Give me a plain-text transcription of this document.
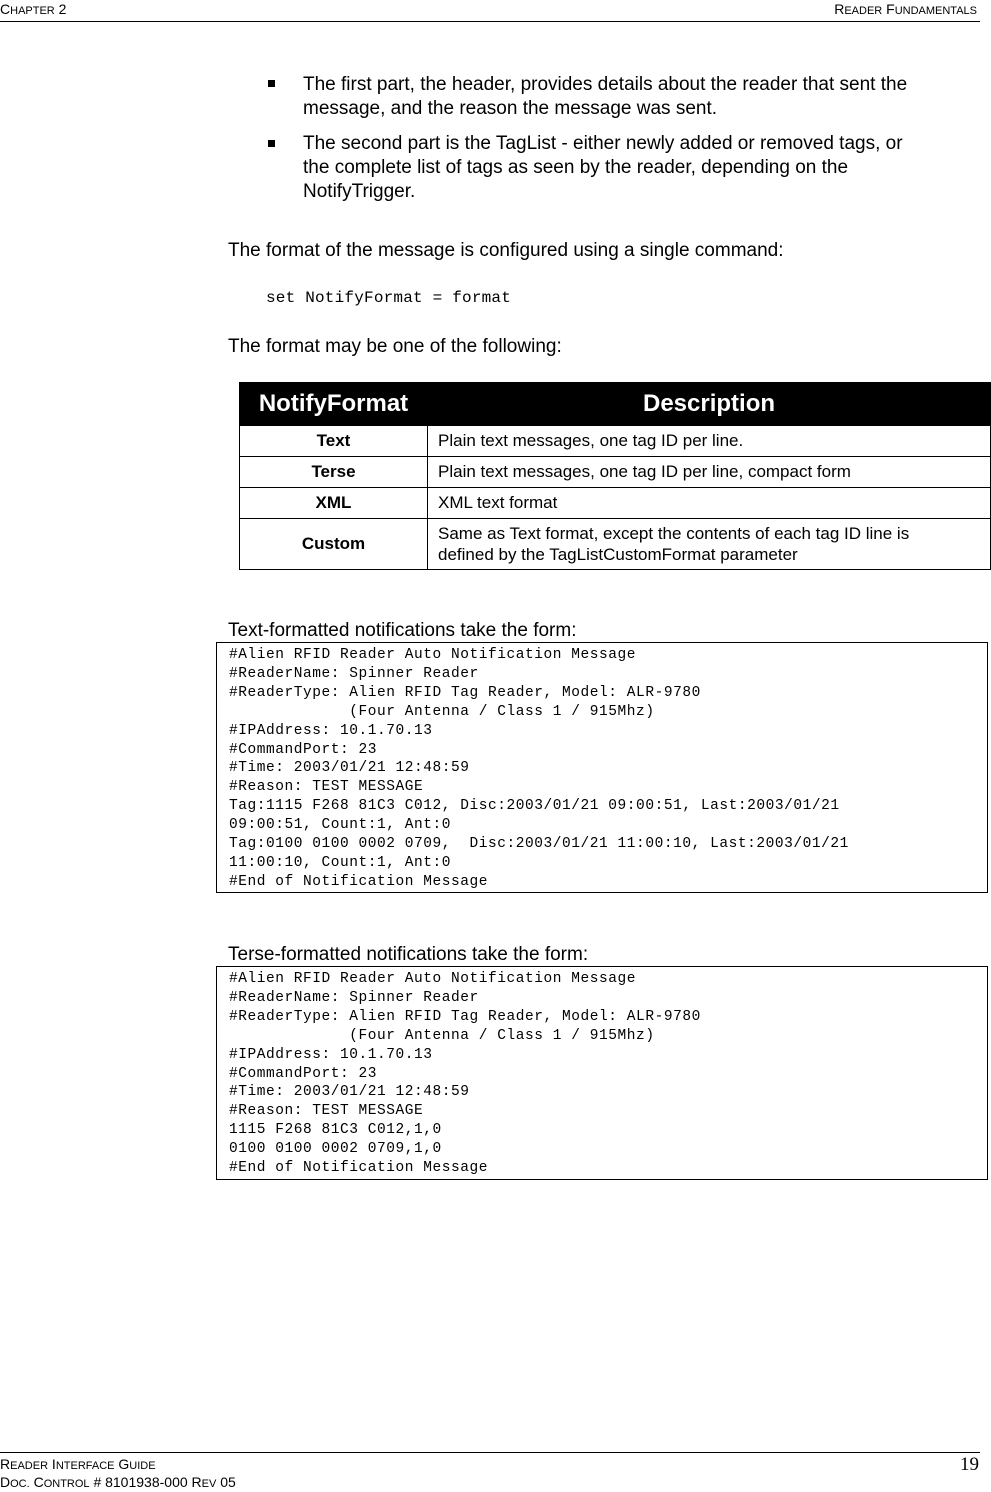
CHAPTER 2	READER FUNDAMENTALS
The first part, the header, provides details about the reader that sent the
message, and the reason the message was sent.
The second part is the TagList - either newly added or removed tags, or
the complete list of tags as seen by the reader, depending on the
NotifyTrigger.
The format of the message is configured using a single command:
set NotifyFormat = format
The format may be one of the following:
NotifyFormat	Description
Text	Plain text messages, one tag ID per line.
Terse	Plain text messages, one tag ID per line, compact form
XML	XML text format
Custom	Same as Text format, except the contents of each tag ID line is
defined by the TagListCustomFormat parameter
Text-formatted notifications take the form:
#Alien RFID Reader Auto Notification Message
#ReaderName: Spinner Reader
#ReaderType: Alien RFID Tag Reader, Model: ALR-9780
(Four Antenna / Class 1 / 915Mhz)
#IPAddress: 10.1.70.13
#CommandPort: 23
#Time: 2003/01/21 12:48:59
#Reason: TEST MESSAGE
Tag:1115 F268 81C3 C012, Disc:2003/01/21 09:00:51, Last:2003/01/21
09:00:51, Count:1, Ant:0
Tag:0100 0100 0002 0709,  Disc:2003/01/21 11:00:10, Last:2003/01/21
11:00:10, Count:1, Ant:0
#End of Notification Message
Terse-formatted notifications take the form:
#Alien RFID Reader Auto Notification Message
#ReaderName: Spinner Reader
#ReaderType: Alien RFID Tag Reader, Model: ALR-9780
(Four Antenna / Class 1 / 915Mhz)
#IPAddress: 10.1.70.13
#CommandPort: 23
#Time: 2003/01/21 12:48:59
#Reason: TEST MESSAGE
1115 F268 81C3 C012,1,0
0100 0100 0002 0709,1,0
#End of Notification Message
READER INTERFACE GUIDE
DOC. CONTROL # 8101938-000 REV 05
19
